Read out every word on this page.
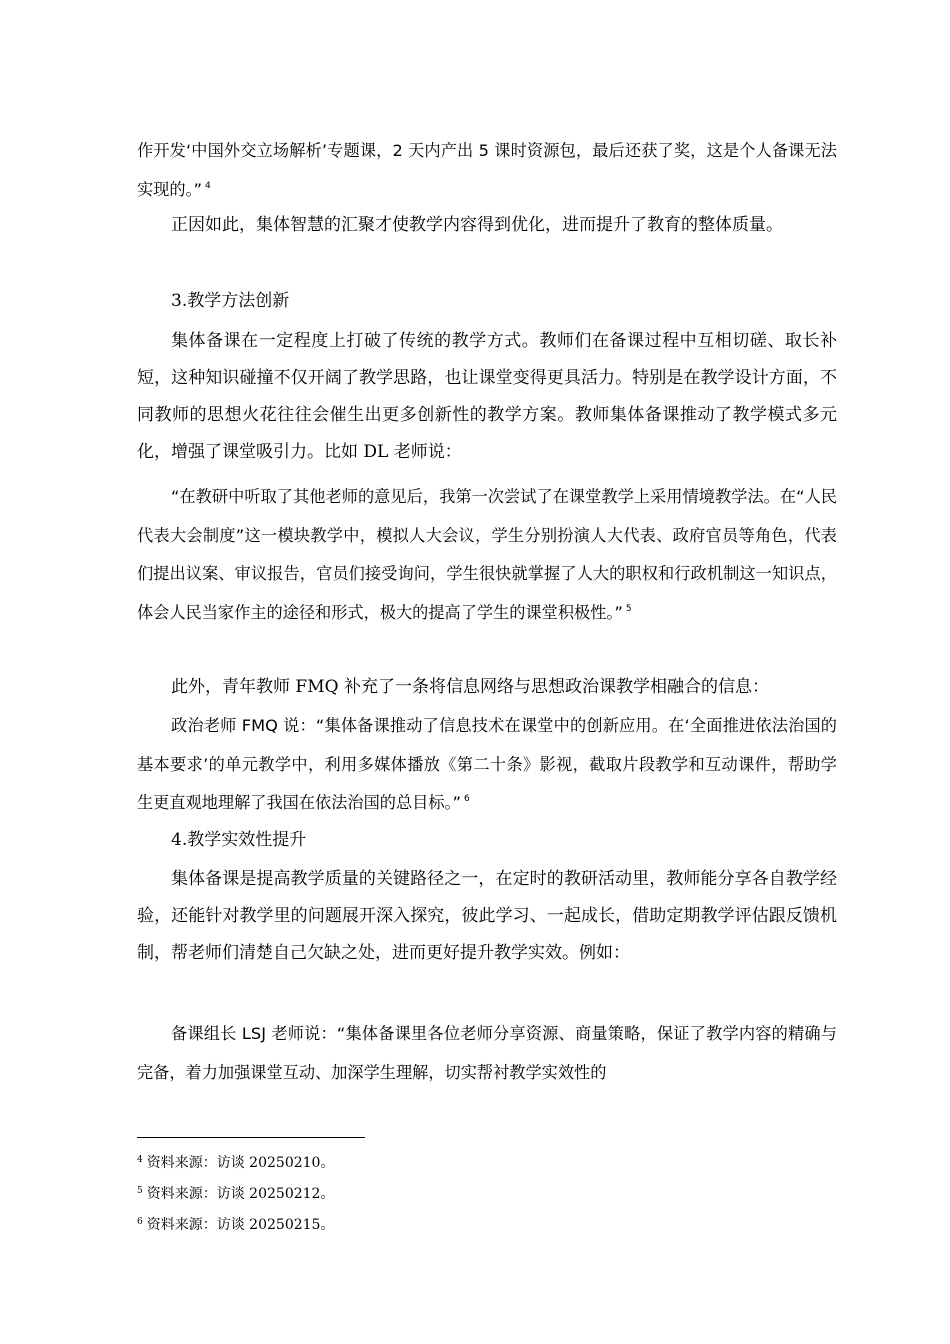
作开发‘中国外交立场解析’专题课，2 天内产出 5 课时资源包，最后还获了奖，这是个人备课无法实现的。” $^4$

正因如此，集体智慧的汇聚才使教学内容得到优化，进而提升了教育的整体质量。

3.教学方法创新

集体备课在一定程度上打破了传统的教学方式。教师们在备课过程中互相切磋、取长补短，这种知识碰撞不仅开阔了教学思路，也让课堂变得更具活力。特别是在教学设计方面，不同教师的思想火花往往会催生出更多创新性的教学方案。教师集体备课推动了教学模式多元化，增强了课堂吸引力。比如 DL 老师说：

“在教研中听取了其他老师的意见后，我第一次尝试了在课堂教学上采用情境教学法。在“人民代表大会制度”这一模块教学中，模拟人大会议，学生分别扮演人大代表、政府官员等角色，代表们提出议案、审议报告，官员们接受询问，学生很快就掌握了人大的职权和行政机制这一知识点，体会人民当家作主的途径和形式，极大的提高了学生的课堂积极性。” $^5$

此外，青年教师 FMQ 补充了一条将信息网络与思想政治课教学相融合的信息：

政治老师 FMQ 说：“集体备课推动了信息技术在课堂中的创新应用。在‘全面推进依法治国的基本要求’的单元教学中，利用多媒体播放《第二十条》影视，截取片段教学和互动课件，帮助学生更直观地理解了我国在依法治国的总目标。” $^6$

4.教学实效性提升

集体备课是提高教学质量的关键路径之一，在定时的教研活动里，教师能分享各自教学经验，还能针对教学里的问题展开深入探究，彼此学习、一起成长，借助定期教学评估跟反馈机制，帮老师们清楚自己欠缺之处，进而更好提升教学实效。例如：

备课组长 LSJ 老师说：“集体备课里各位老师分享资源、商量策略，保证了教学内容的精确与完备，着力加强课堂互动、加深学生理解，切实帮衬教学实效性的

$^4$ 资料来源：访谈 20250210。
$^5$ 资料来源：访谈 20250212。
$^6$ 资料来源：访谈 20250215。
